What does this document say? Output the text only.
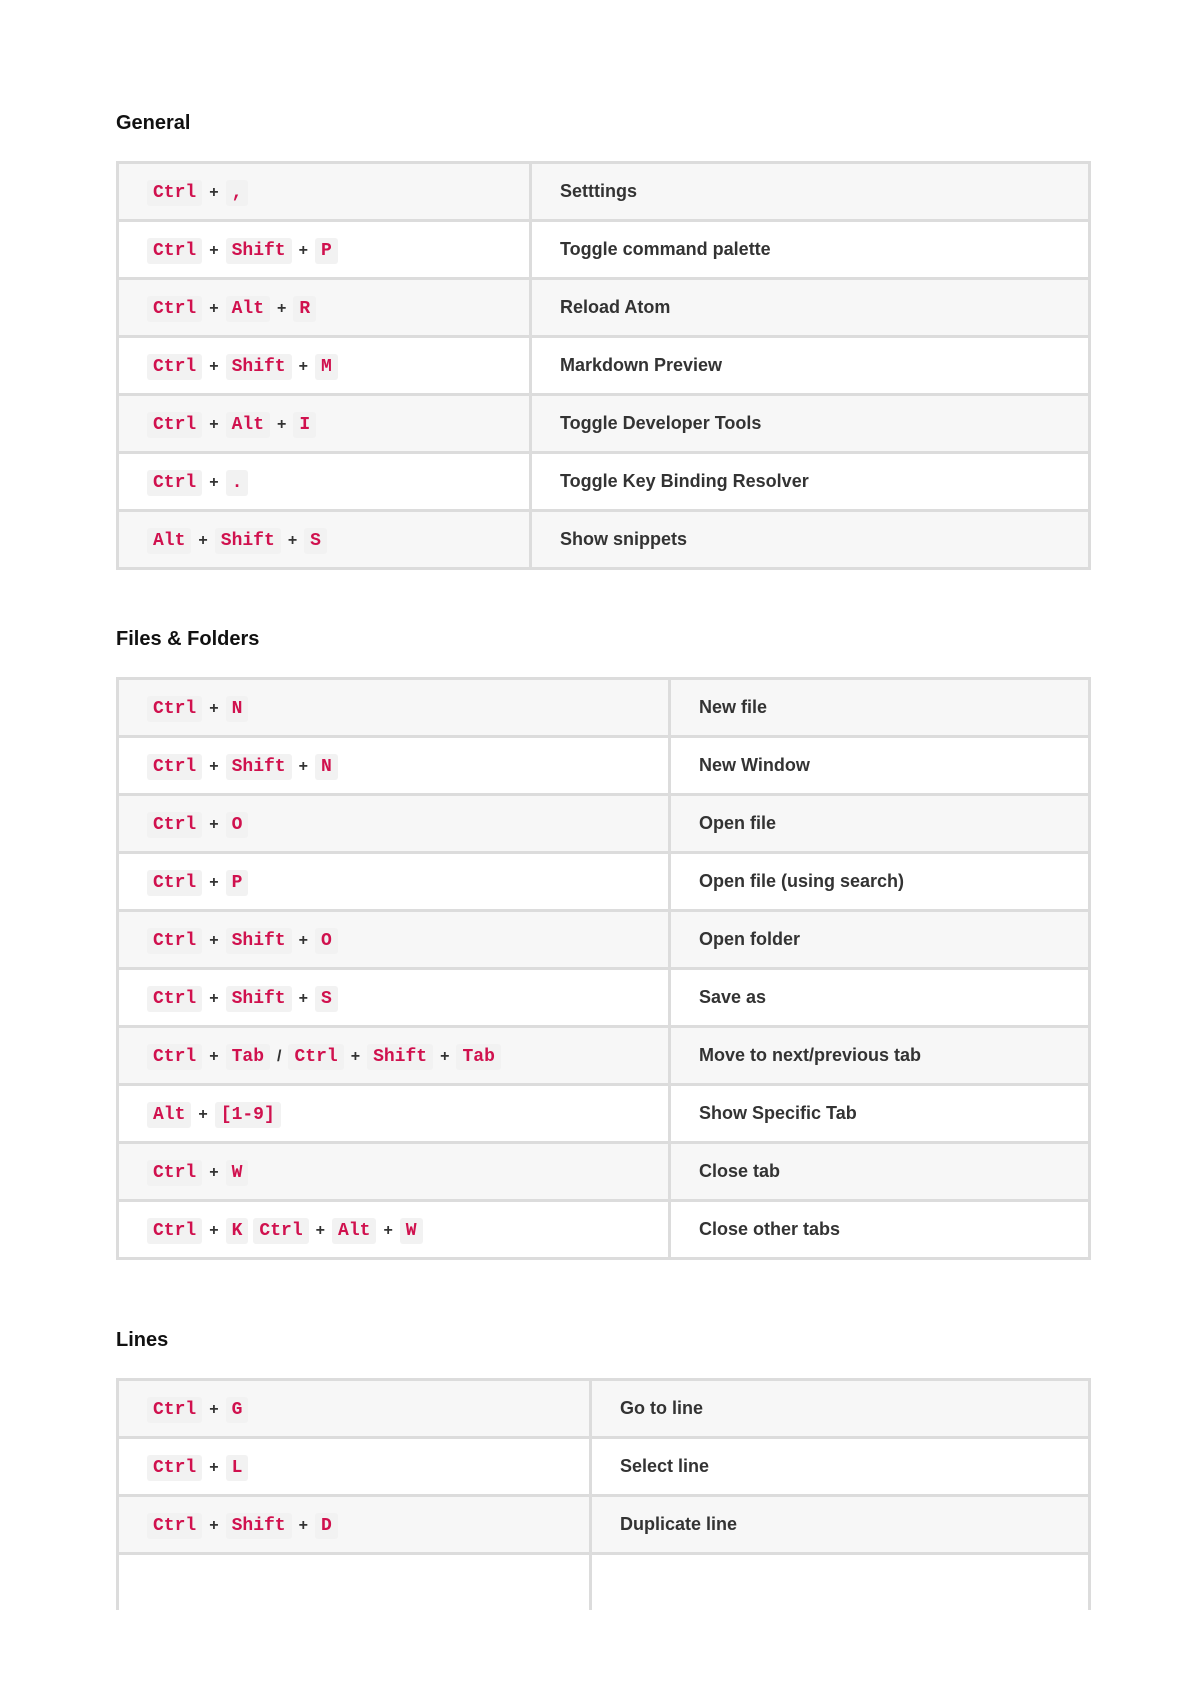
General
Ctrl + ,	Setttings
Ctrl + Shift + P	Toggle command palette
Ctrl + Alt + R	Reload Atom
Ctrl + Shift + M	Markdown Preview
Ctrl + Alt + I	Toggle Developer Tools
Ctrl + .	Toggle Key Binding Resolver
Alt + Shift + S	Show snippets
Files & Folders
Ctrl + N	New file
Ctrl + Shift + N	New Window
Ctrl + O	Open file
Ctrl + P	Open file (using search)
Ctrl + Shift + O	Open folder
Ctrl + Shift + S	Save as
Ctrl + Tab / Ctrl + Shift + Tab	Move to next/previous tab
Alt + [1-9]	Show Specific Tab
Ctrl + W	Close tab
Ctrl + K Ctrl + Alt + W	Close other tabs
Lines
Ctrl + G	Go to line
Ctrl + L	Select line
Ctrl + Shift + D	Duplicate line
